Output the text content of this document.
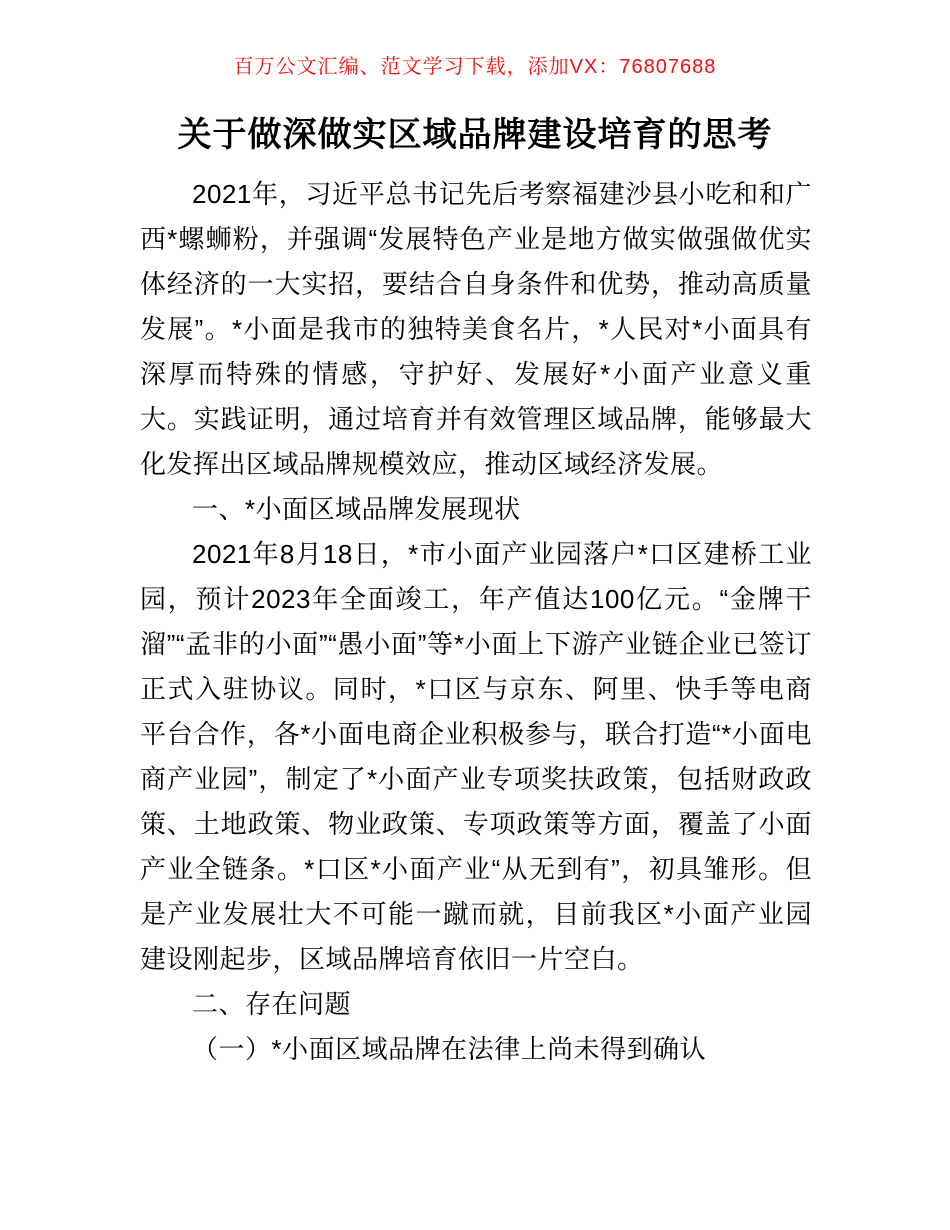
百万公文汇编、范文学习下载，添加VX：76807688
关于做深做实区域品牌建设培育的思考

2021年，习近平总书记先后考察福建沙县小吃和和广西*螺蛳粉，并强调“发展特色产业是地方做实做强做优实体经济的一大实招，要结合自身条件和优势，推动高质量发展”。*小面是我市的独特美食名片，*人民对*小面具有深厚而特殊的情感，守护好、发展好*小面产业意义重大。实践证明，通过培育并有效管理区域品牌，能够最大化发挥出区域品牌规模效应，推动区域经济发展。

一、*小面区域品牌发展现状

2021年8月18日，*市小面产业园落户*口区建桥工业园，预计2023年全面竣工，年产值达100亿元。“金牌干溜”“孟非的小面”“愚小面”等*小面上下游产业链企业已签订正式入驻协议。同时，*口区与京东、阿里、快手等电商平台合作，各*小面电商企业积极参与，联合打造“*小面电商产业园”，制定了*小面产业专项奖扶政策，包括财政政策、土地政策、物业政策、专项政策等方面，覆盖了小面产业全链条。*口区*小面产业“从无到有”，初具雏形。但是产业发展壮大不可能一蹴而就，目前我区*小面产业园建设刚起步，区域品牌培育依旧一片空白。

二、存在问题

（一）*小面区域品牌在法律上尚未得到确认
